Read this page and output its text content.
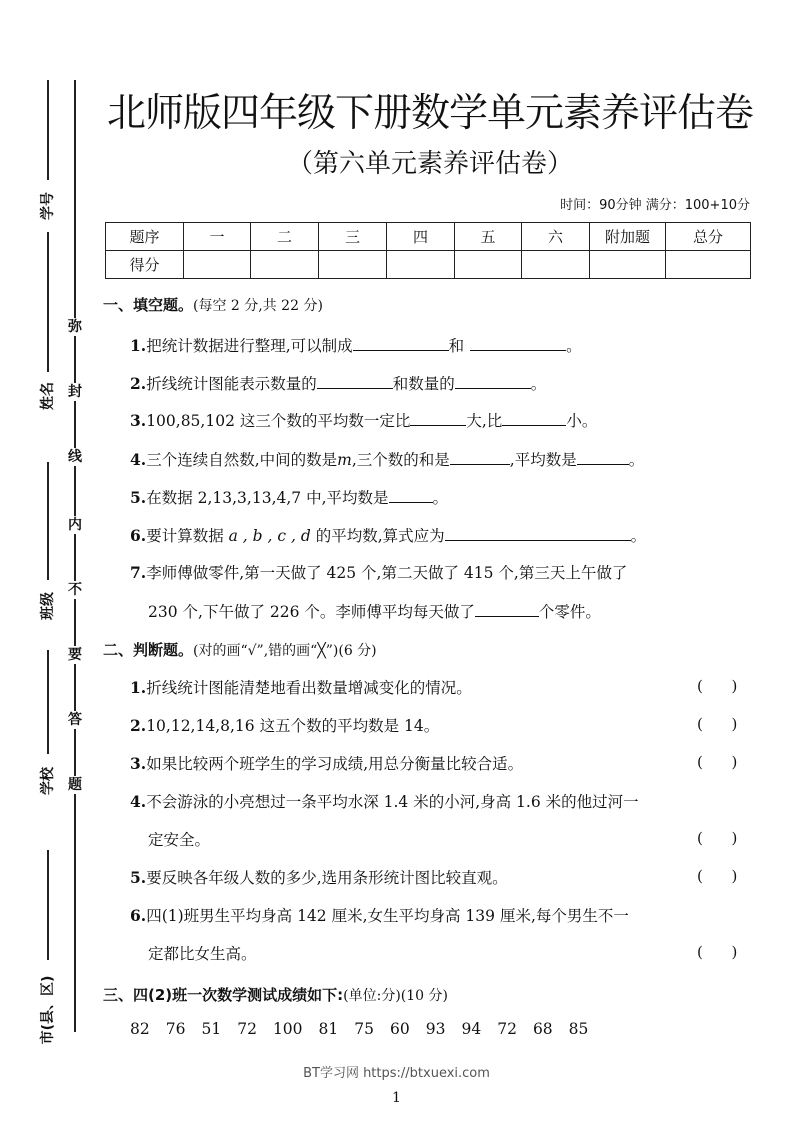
学号
姓名
班级
学校
市(县、区)
弥
封
线
内
不
要
答
题
北师版四年级下册数学单元素养评估卷
（第六单元素养评估卷）
时间：90分钟 满分：100+10分
题序	一	二	三	四	五	六	附加题	总分
得分								
一、填空题。(每空 2 分,共 22 分)
1.把统计数据进行整理,可以制成	和	。
2.折线统计图能表示数量的	和数量的	。
3.100,85,102 这三个数的平均数一定比	大,比	小。
4.三个连续自然数,中间的数是m,三个数的和是	,平均数是	。
5.在数据 2,13,3,13,4,7 中,平均数是	。
6.要计算数据 a , b , c , d 的平均数,算式应为	。
7.李师傅做零件,第一天做了 425 个,第二天做了 415 个,第三天上午做了
230 个,下午做了 226 个。李师傅平均每天做了	个零件。
二、判断题。(对的画“√”,错的画“╳”)(6 分)
1.折线统计图能清楚地看出数量增减变化的情况。	(      )
2.10,12,14,8,16 这五个数的平均数是 14。	(      )
3.如果比较两个班学生的学习成绩,用总分衡量比较合适。	(      )
4.不会游泳的小亮想过一条平均水深 1.4 米的小河,身高 1.6 米的他过河一
定安全。	(      )
5.要反映各年级人数的多少,选用条形统计图比较直观。	(      )
6.四(1)班男生平均身高 142 厘米,女生平均身高 139 厘米,每个男生不一
定都比女生高。	(      )
三、四(2)班一次数学测试成绩如下:(单位:分)(10 分)
82 76 51 72 100 81 75 60 93 94 72 68 85
BT学习网 https://btxuexi.com
1
